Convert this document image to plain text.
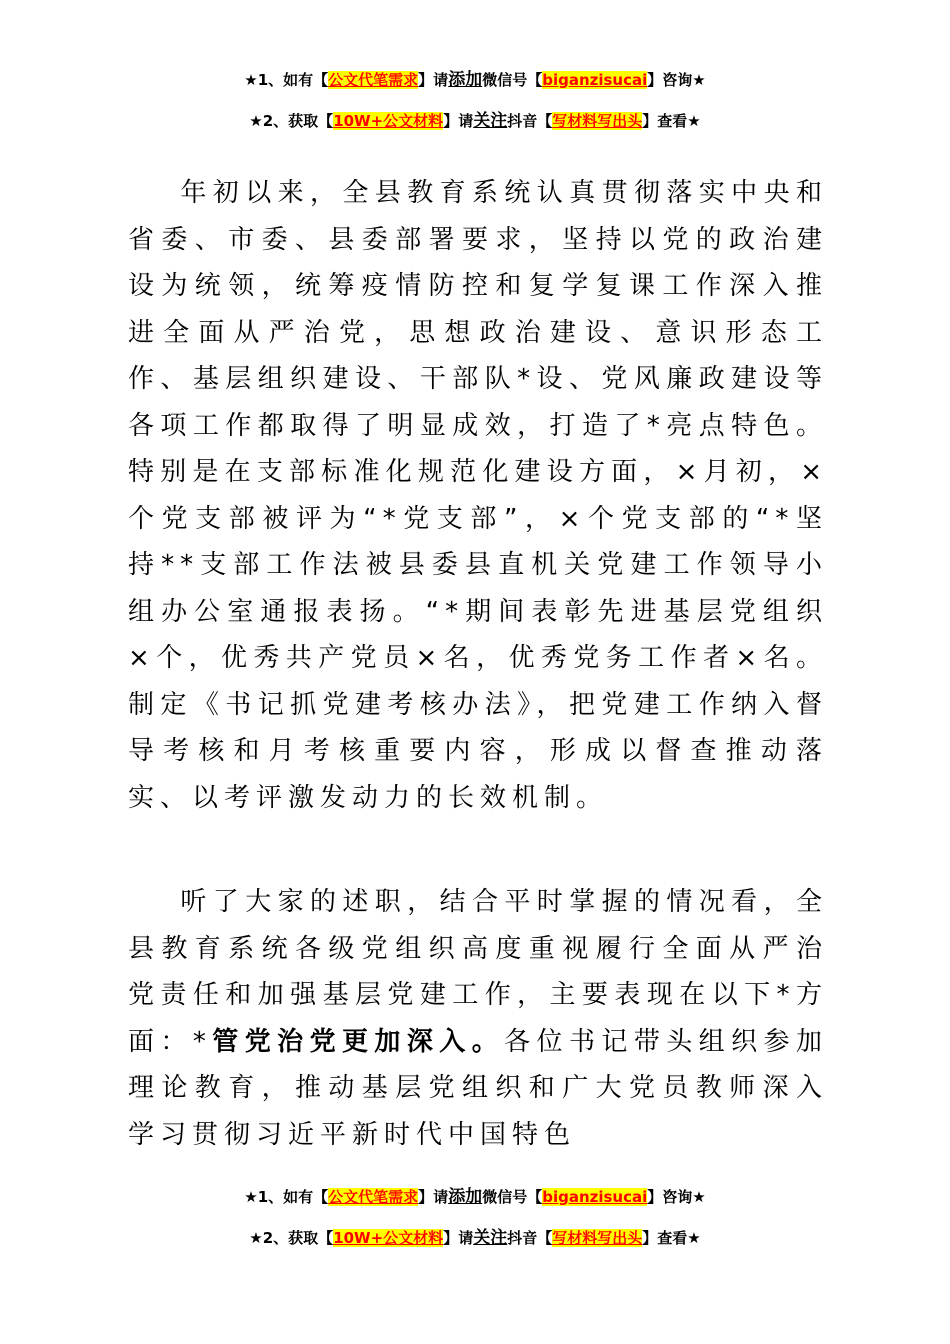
★1、如有【公文代笔需求】请添加微信号【biganzisucai】咨询★
★2、获取【10W+公文材料】请关注抖音【写材料写出头】查看★

年初以来，全县教育系统认真贯彻落实中央和省委、市委、县委部署要求，坚持以党的政治建设为统领，统筹疫情防控和复学复课工作深入推进全面从严治党，思想政治建设、意识形态工作、基层组织建设、干部队*设、党风廉政建设等各项工作都取得了明显成效，打造了*亮点特色。特别是在支部标准化规范化建设方面，×月初，×个党支部被评为“*党支部”，×个党支部的“*坚持**支部工作法被县委县直机关党建工作领导小组办公室通报表扬。“*期间表彰先进基层党组织×个，优秀共产党员×名，优秀党务工作者×名。制定《书记抓党建考核办法》，把党建工作纳入督导考核和月考核重要内容，形成以督查推动落实、以考评激发动力的长效机制。

听了大家的述职，结合平时掌握的情况看，全县教育系统各级党组织高度重视履行全面从严治党责任和加强基层党建工作，主要表现在以下*方面：*管党治党更加深入。各位书记带头组织参加理论教育，推动基层党组织和广大党员教师深入学习贯彻习近平新时代中国特色

★1、如有【公文代笔需求】请添加微信号【biganzisucai】咨询★
★2、获取【10W+公文材料】请关注抖音【写材料写出头】查看★
